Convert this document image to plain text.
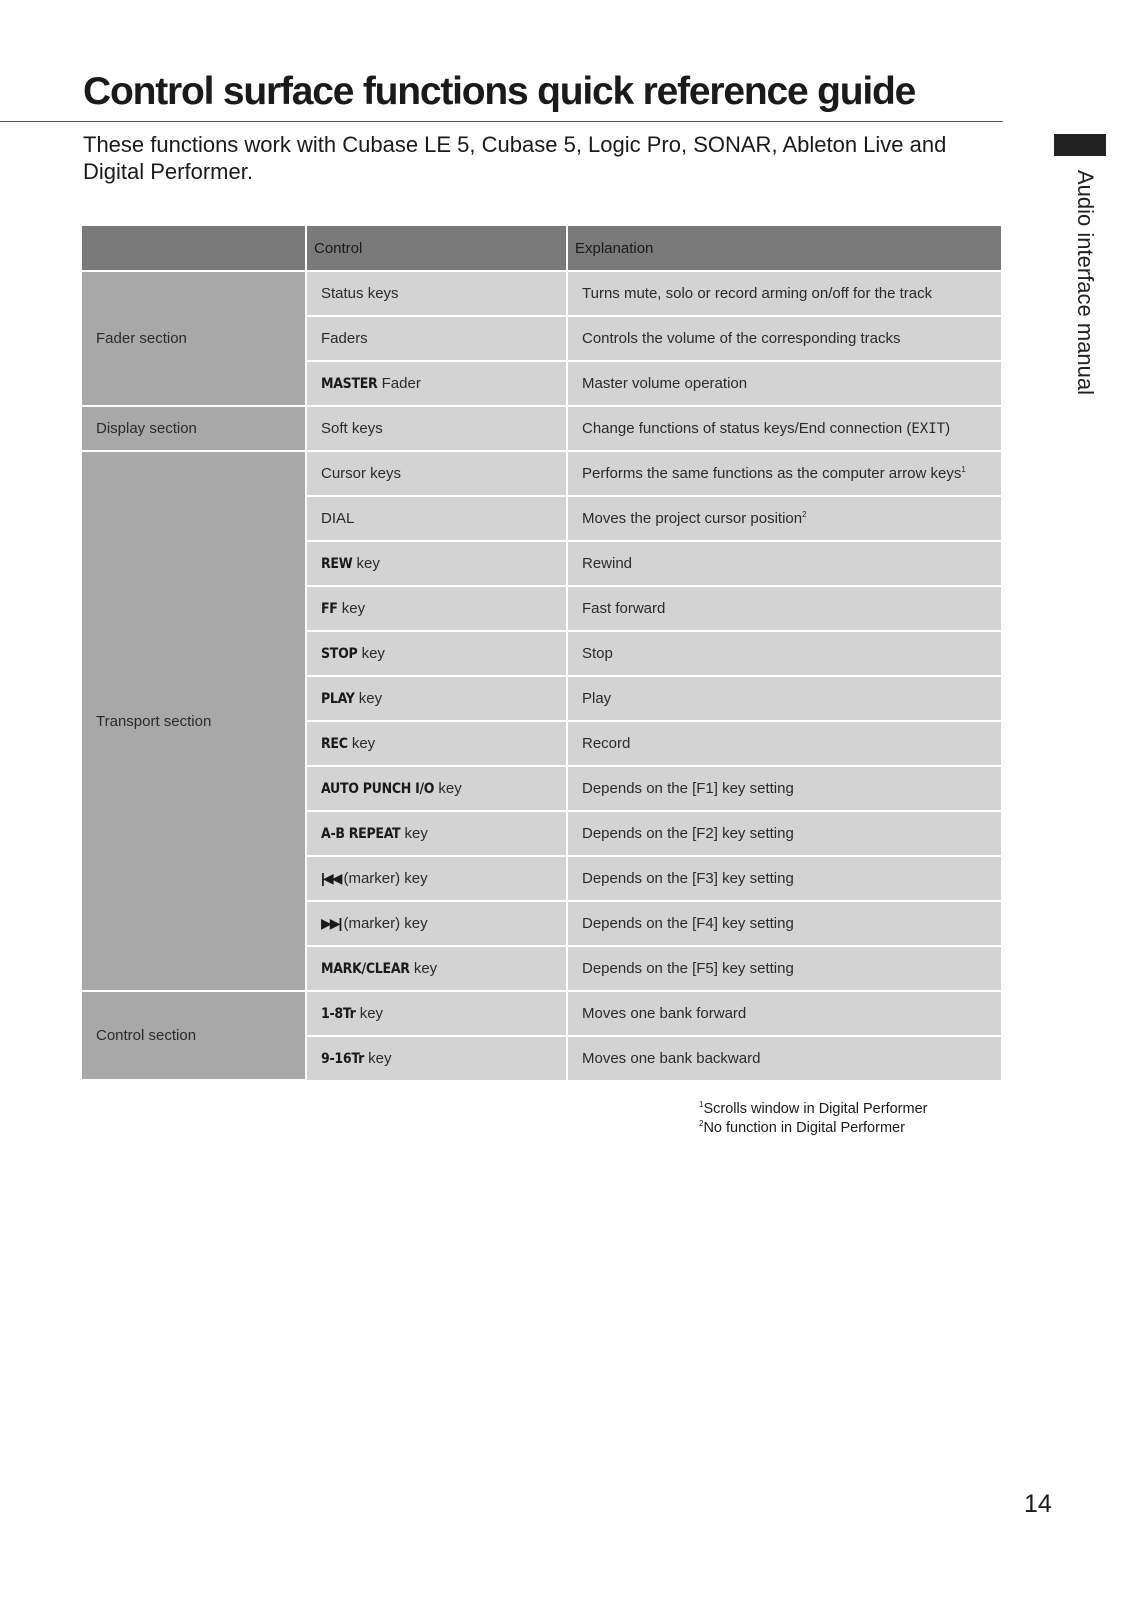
Control surface functions quick reference guide

These functions work with Cubase LE 5, Cubase 5, Logic Pro, SONAR, Ableton Live and Digital Performer.	Audio interface manual
	Control	Explanation
Fader section	Status keys	Turns mute, solo or record arming on/off for the track
	Faders	Controls the volume of the corresponding tracks
	MASTER Fader	Master volume operation
Display section	Soft keys	Change functions of status keys/End connection (EXIT)
Transport section	Cursor keys	Performs the same functions as the computer arrow keys$^1$
	DIAL	Moves the project cursor position$^2$
	REW key	Rewind
	FF key	Fast forward
	STOP key	Stop
	PLAY key	Play
	REC key	Record
	AUTO PUNCH I/O key	Depends on the [F1] key setting
	A-B REPEAT key	Depends on the [F2] key setting
	|◀◀ (marker) key	Depends on the [F3] key setting
	▶▶| (marker) key	Depends on the [F4] key setting
	MARK/CLEAR key	Depends on the [F5] key setting
Control section	1-8Tr key	Moves one bank forward
	9-16Tr key	Moves one bank backward
$^1$Scrolls window in Digital Performer
$^2$No function in Digital Performer
14
